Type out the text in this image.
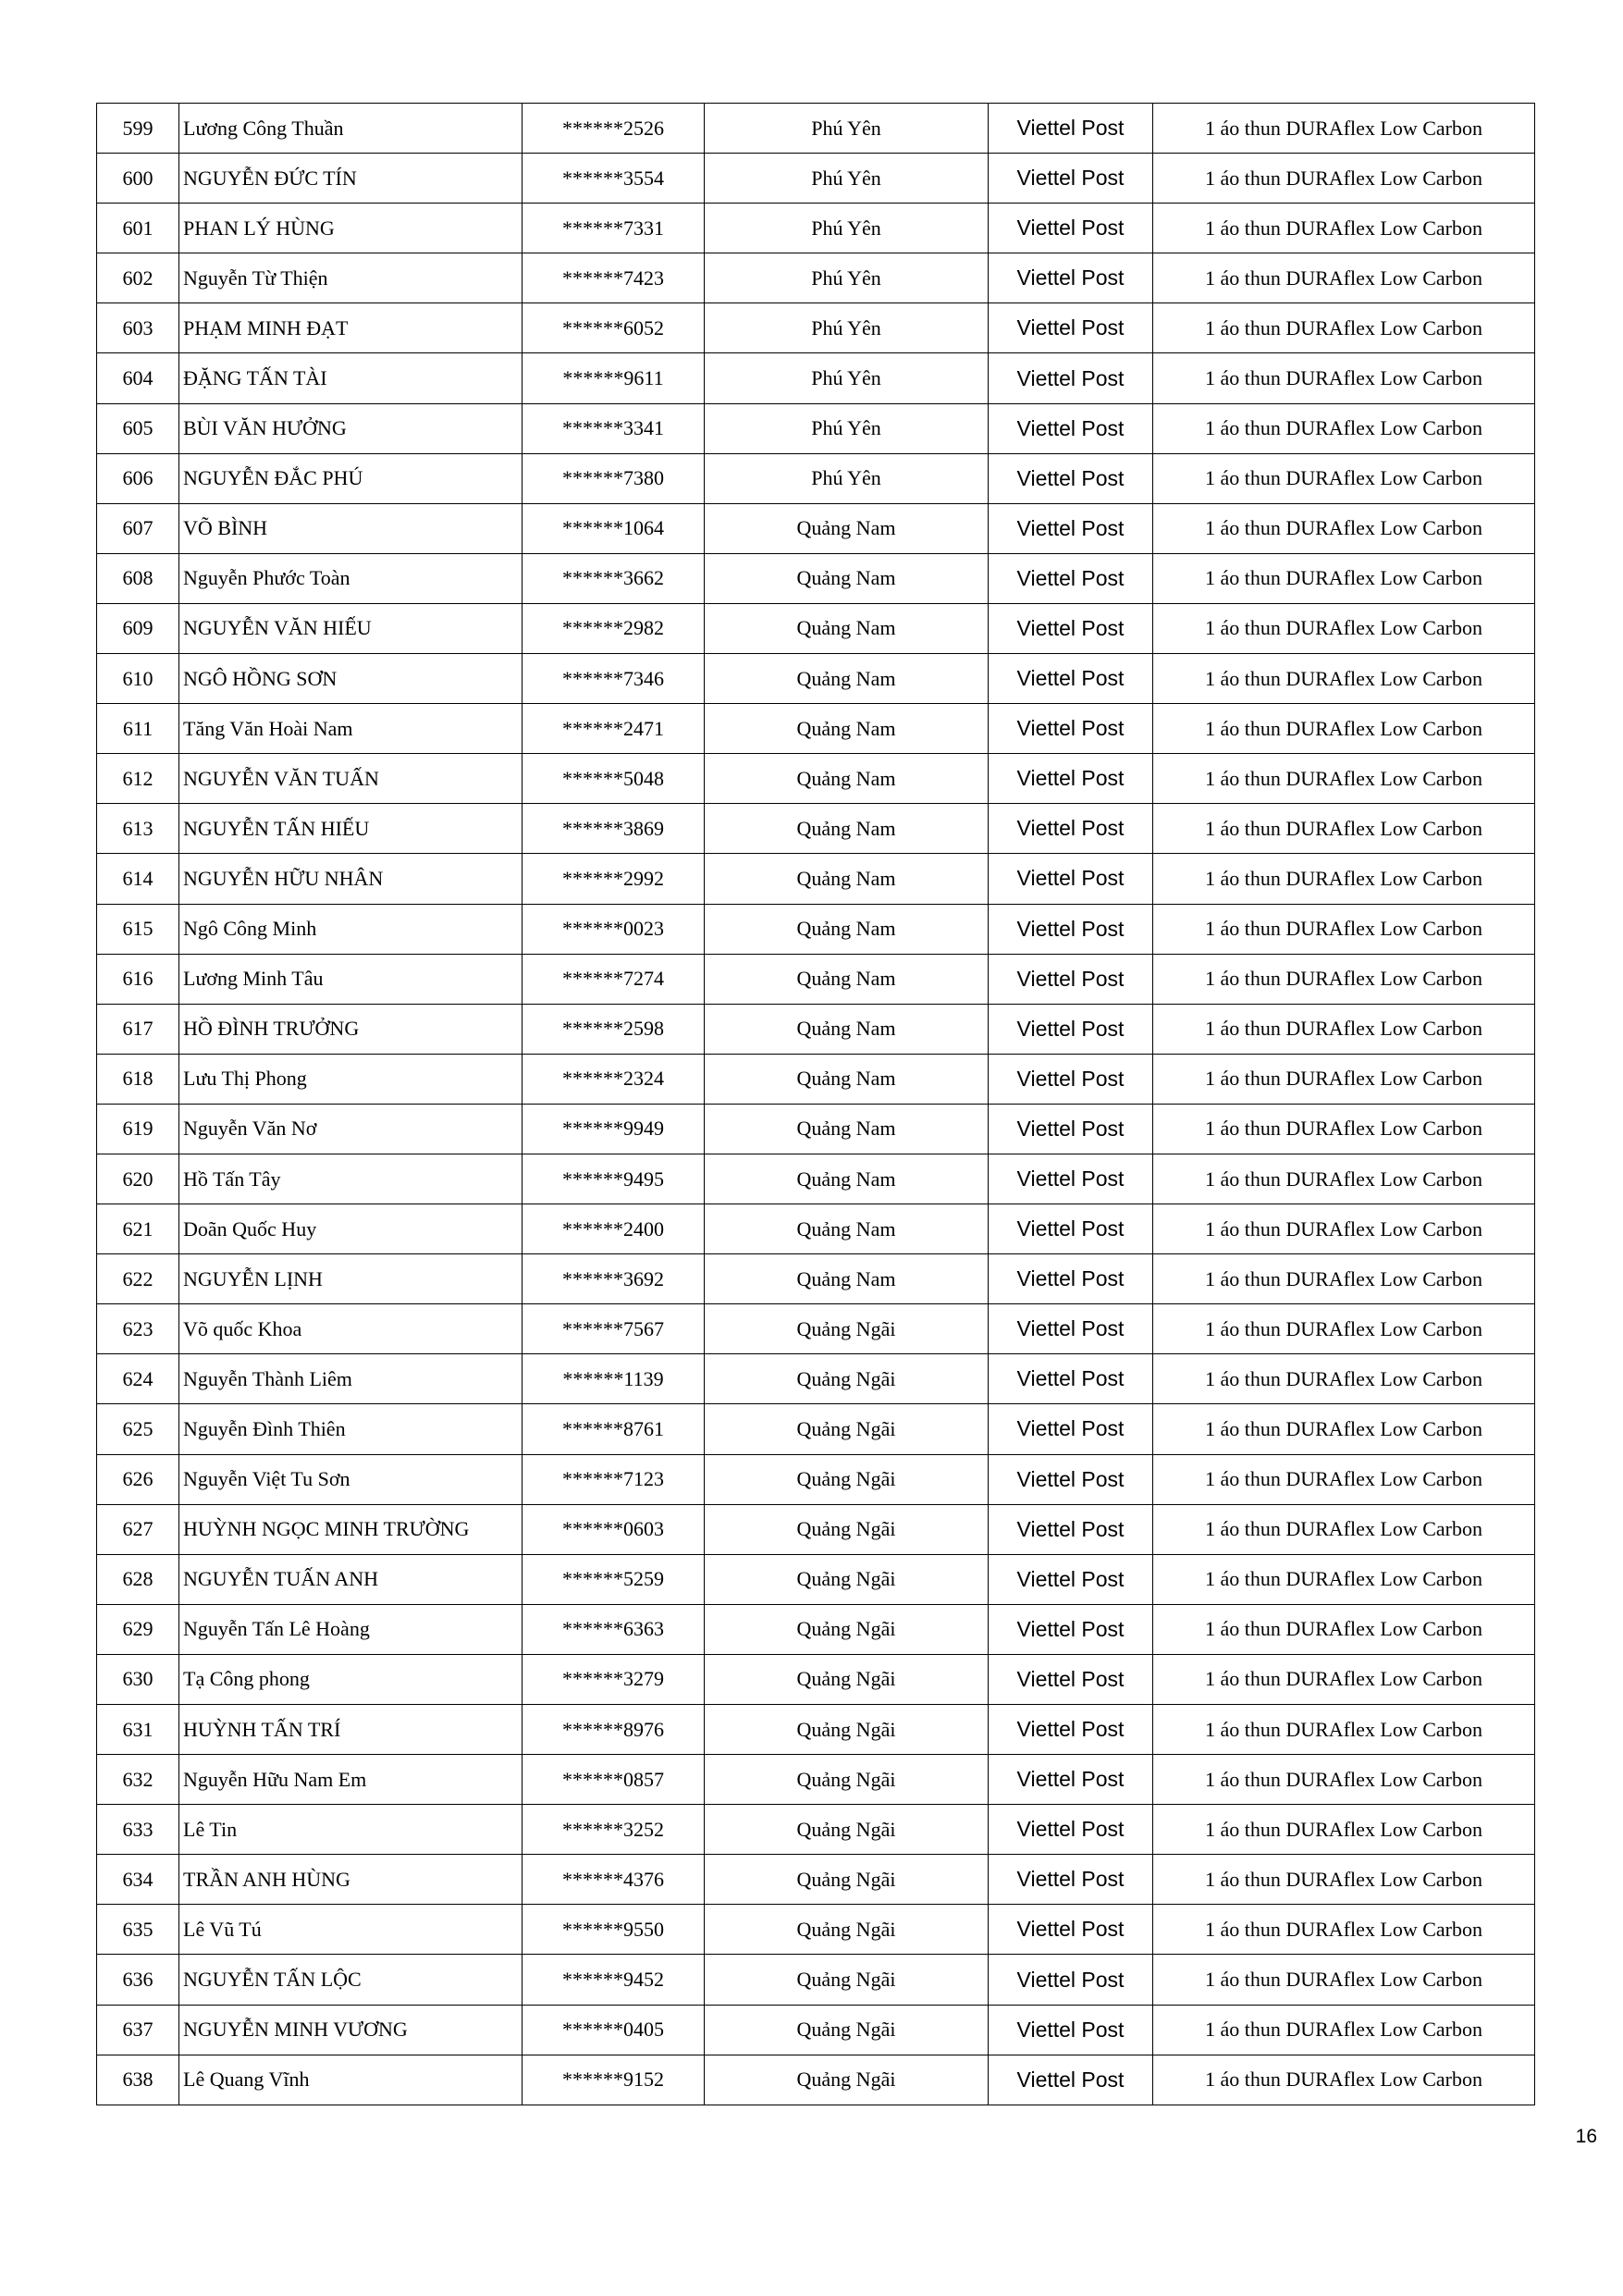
599	Lương Công Thuần	******2526	Phú Yên	Viettel Post	1 áo thun DURAflex Low Carbon
600	NGUYỄN ĐỨC TÍN	******3554	Phú Yên	Viettel Post	1 áo thun DURAflex Low Carbon
601	PHAN LÝ HÙNG	******7331	Phú Yên	Viettel Post	1 áo thun DURAflex Low Carbon
602	Nguyễn Từ Thiện	******7423	Phú Yên	Viettel Post	1 áo thun DURAflex Low Carbon
603	PHẠM MINH ĐẠT	******6052	Phú Yên	Viettel Post	1 áo thun DURAflex Low Carbon
604	ĐẶNG TẤN TÀI	******9611	Phú Yên	Viettel Post	1 áo thun DURAflex Low Carbon
605	BÙI VĂN HƯỞNG	******3341	Phú Yên	Viettel Post	1 áo thun DURAflex Low Carbon
606	NGUYỄN ĐẮC PHÚ	******7380	Phú Yên	Viettel Post	1 áo thun DURAflex Low Carbon
607	VÕ BÌNH	******1064	Quảng Nam	Viettel Post	1 áo thun DURAflex Low Carbon
608	Nguyễn Phước Toàn	******3662	Quảng Nam	Viettel Post	1 áo thun DURAflex Low Carbon
609	NGUYỄN VĂN HIẾU	******2982	Quảng Nam	Viettel Post	1 áo thun DURAflex Low Carbon
610	NGÔ HỒNG SƠN	******7346	Quảng Nam	Viettel Post	1 áo thun DURAflex Low Carbon
611	Tăng Văn Hoài Nam	******2471	Quảng Nam	Viettel Post	1 áo thun DURAflex Low Carbon
612	NGUYỄN VĂN TUẤN	******5048	Quảng Nam	Viettel Post	1 áo thun DURAflex Low Carbon
613	NGUYỄN TẤN HIẾU	******3869	Quảng Nam	Viettel Post	1 áo thun DURAflex Low Carbon
614	NGUYỄN HỮU NHÂN	******2992	Quảng Nam	Viettel Post	1 áo thun DURAflex Low Carbon
615	Ngô Công Minh	******0023	Quảng Nam	Viettel Post	1 áo thun DURAflex Low Carbon
616	Lương Minh Tâu	******7274	Quảng Nam	Viettel Post	1 áo thun DURAflex Low Carbon
617	HỒ ĐÌNH TRƯỞNG	******2598	Quảng Nam	Viettel Post	1 áo thun DURAflex Low Carbon
618	Lưu Thị Phong	******2324	Quảng Nam	Viettel Post	1 áo thun DURAflex Low Carbon
619	Nguyễn Văn Nơ	******9949	Quảng Nam	Viettel Post	1 áo thun DURAflex Low Carbon
620	Hồ Tấn Tây	******9495	Quảng Nam	Viettel Post	1 áo thun DURAflex Low Carbon
621	Doãn Quốc Huy	******2400	Quảng Nam	Viettel Post	1 áo thun DURAflex Low Carbon
622	NGUYỄN LỊNH	******3692	Quảng Nam	Viettel Post	1 áo thun DURAflex Low Carbon
623	Võ quốc Khoa	******7567	Quảng Ngãi	Viettel Post	1 áo thun DURAflex Low Carbon
624	Nguyễn Thành Liêm	******1139	Quảng Ngãi	Viettel Post	1 áo thun DURAflex Low Carbon
625	Nguyễn Đình Thiên	******8761	Quảng Ngãi	Viettel Post	1 áo thun DURAflex Low Carbon
626	Nguyễn Việt Tu Sơn	******7123	Quảng Ngãi	Viettel Post	1 áo thun DURAflex Low Carbon
627	HUỲNH NGỌC MINH TRƯỜNG	******0603	Quảng Ngãi	Viettel Post	1 áo thun DURAflex Low Carbon
628	NGUYỄN TUẤN ANH	******5259	Quảng Ngãi	Viettel Post	1 áo thun DURAflex Low Carbon
629	Nguyễn Tấn Lê Hoàng	******6363	Quảng Ngãi	Viettel Post	1 áo thun DURAflex Low Carbon
630	Tạ Công phong	******3279	Quảng Ngãi	Viettel Post	1 áo thun DURAflex Low Carbon
631	HUỲNH TẤN TRÍ	******8976	Quảng Ngãi	Viettel Post	1 áo thun DURAflex Low Carbon
632	Nguyễn Hữu Nam Em	******0857	Quảng Ngãi	Viettel Post	1 áo thun DURAflex Low Carbon
633	Lê Tin	******3252	Quảng Ngãi	Viettel Post	1 áo thun DURAflex Low Carbon
634	TRẦN ANH HÙNG	******4376	Quảng Ngãi	Viettel Post	1 áo thun DURAflex Low Carbon
635	Lê Vũ Tú	******9550	Quảng Ngãi	Viettel Post	1 áo thun DURAflex Low Carbon
636	NGUYỄN TẤN LỘC	******9452	Quảng Ngãi	Viettel Post	1 áo thun DURAflex Low Carbon
637	NGUYỄN MINH VƯƠNG	******0405	Quảng Ngãi	Viettel Post	1 áo thun DURAflex Low Carbon
638	Lê Quang Vĩnh	******9152	Quảng Ngãi	Viettel Post	1 áo thun DURAflex Low Carbon
16
